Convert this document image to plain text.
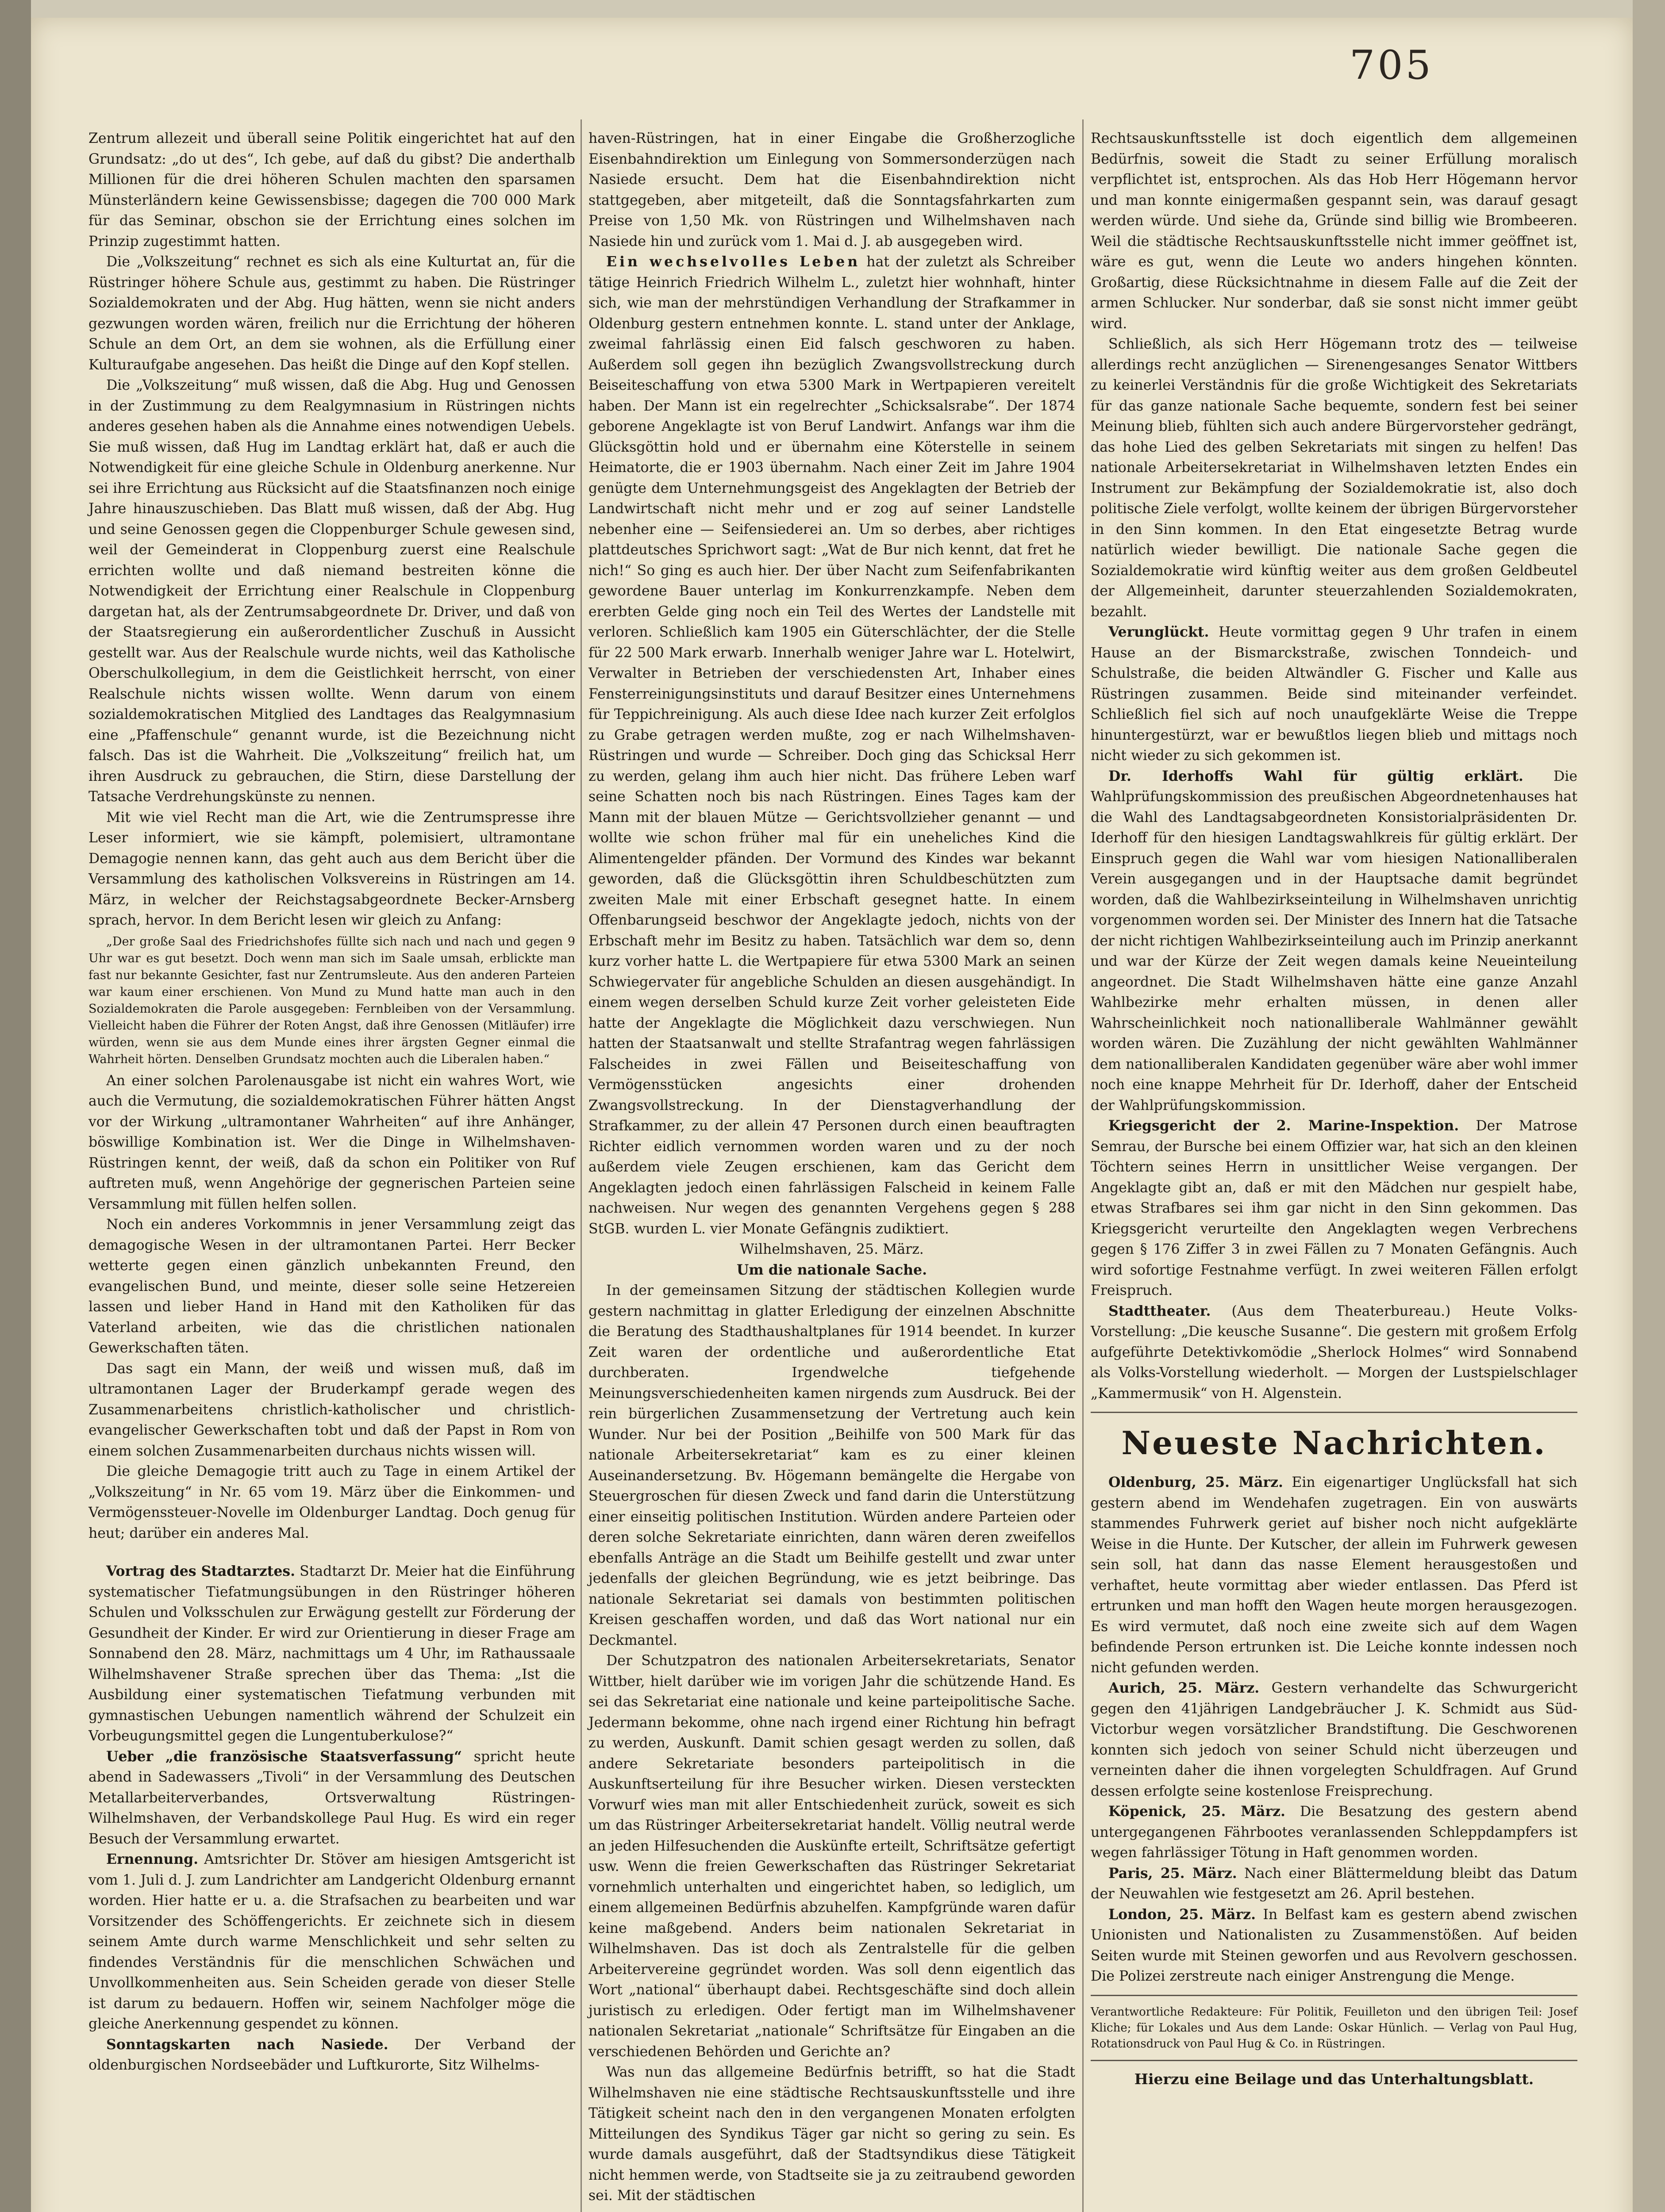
705

Zentrum allezeit und überall seine Politik eingerichtet hat auf den Grundsatz: „do ut des“, Ich gebe, auf daß du gibst? Die anderthalb Millionen für die drei höheren Schulen machten den sparsamen Münsterländern keine Gewissensbisse; dagegen die 700 000 Mark für das Seminar, obschon sie der Errichtung eines solchen im Prinzip zugestimmt hatten.

Die „Volkszeitung“ rechnet es sich als eine Kulturtat an, für die Rüstringer höhere Schule aus, gestimmt zu haben. Die Rüstringer Sozialdemokraten und der Abg. Hug hätten, wenn sie nicht anders gezwungen worden wären, freilich nur die Errichtung der höheren Schule an dem Ort, an dem sie wohnen, als die Erfüllung einer Kulturaufgabe angesehen. Das heißt die Dinge auf den Kopf stellen.

Die „Volkszeitung“ muß wissen, daß die Abg. Hug und Genossen in der Zustimmung zu dem Realgymnasium in Rüstringen nichts anderes gesehen haben als die Annahme eines notwendigen Uebels. Sie muß wissen, daß Hug im Landtag erklärt hat, daß er auch die Notwendigkeit für eine gleiche Schule in Oldenburg anerkenne. Nur sei ihre Errichtung aus Rücksicht auf die Staatsfinanzen noch einige Jahre hinauszuschieben. Das Blatt muß wissen, daß der Abg. Hug und seine Genossen gegen die Cloppenburger Schule gewesen sind, weil der Gemeinderat in Cloppenburg zuerst eine Realschule errichten wollte und daß niemand bestreiten könne die Notwendigkeit der Errichtung einer Realschule in Cloppenburg dargetan hat, als der Zentrumsabgeordnete Dr. Driver, und daß von der Staatsregierung ein außerordentlicher Zuschuß in Aussicht gestellt war. Aus der Realschule wurde nichts, weil das Katholische Oberschulkollegium, in dem die Geistlichkeit herrscht, von einer Realschule nichts wissen wollte. Wenn darum von einem sozialdemokratischen Mitglied des Landtages das Realgymnasium eine „Pfaffenschule“ genannt wurde, ist die Bezeichnung nicht falsch. Das ist die Wahrheit. Die „Volkszeitung“ freilich hat, um ihren Ausdruck zu gebrauchen, die Stirn, diese Darstellung der Tatsache Verdrehungskünste zu nennen.

Mit wie viel Recht man die Art, wie die Zentrumspresse ihre Leser informiert, wie sie kämpft, polemisiert, ultramontane Demagogie nennen kann, das geht auch aus dem Bericht über die Versammlung des katholischen Volksvereins in Rüstringen am 14. März, in welcher der Reichstagsabgeordnete Becker-Arnsberg sprach, hervor. In dem Bericht lesen wir gleich zu Anfang:

„Der große Saal des Friedrichshofes füllte sich nach und nach und gegen 9 Uhr war es gut besetzt. Doch wenn man sich im Saale umsah, erblickte man fast nur bekannte Gesichter, fast nur Zentrumsleute. Aus den anderen Parteien war kaum einer erschienen. Von Mund zu Mund hatte man auch in den Sozialdemokraten die Parole ausgegeben: Fernbleiben von der Versammlung. Vielleicht haben die Führer der Roten Angst, daß ihre Genossen (Mitläufer) irre würden, wenn sie aus dem Munde eines ihrer ärgsten Gegner einmal die Wahrheit hörten. Denselben Grundsatz mochten auch die Liberalen haben.“

An einer solchen Parolenausgabe ist nicht ein wahres Wort, wie auch die Vermutung, die sozialdemokratischen Führer hätten Angst vor der Wirkung „ultramontaner Wahrheiten“ auf ihre Anhänger, böswillige Kombination ist. Wer die Dinge in Wilhelmshaven-Rüstringen kennt, der weiß, daß da schon ein Politiker von Ruf auftreten muß, wenn Angehörige der gegnerischen Parteien seine Versammlung mit füllen helfen sollen.

Noch ein anderes Vorkommnis in jener Versammlung zeigt das demagogische Wesen in der ultramontanen Partei. Herr Becker wetterte gegen einen gänzlich unbekannten Freund, den evangelischen Bund, und meinte, dieser solle seine Hetzereien lassen und lieber Hand in Hand mit den Katholiken für das Vaterland arbeiten, wie das die christlichen nationalen Gewerkschaften täten.

Das sagt ein Mann, der weiß und wissen muß, daß im ultramontanen Lager der Bruderkampf gerade wegen des Zusammenarbeitens christlich-katholischer und christlich-evangelischer Gewerkschaften tobt und daß der Papst in Rom von einem solchen Zusammenarbeiten durchaus nichts wissen will.

Die gleiche Demagogie tritt auch zu Tage in einem Artikel der „Volkszeitung“ in Nr. 65 vom 19. März über die Einkommen- und Vermögenssteuer-Novelle im Oldenburger Landtag. Doch genug für heut; darüber ein anderes Mal.

Vortrag des Stadtarztes. Stadtarzt Dr. Meier hat die Einführung systematischer Tiefatmungsübungen in den Rüstringer höheren Schulen und Volksschulen zur Erwägung gestellt zur Förderung der Gesundheit der Kinder. Er wird zur Orientierung in dieser Frage am Sonnabend den 28. März, nachmittags um 4 Uhr, im Rathaussaale Wilhelmshavener Straße sprechen über das Thema: „Ist die Ausbildung einer systematischen Tiefatmung verbunden mit gymnastischen Uebungen namentlich während der Schulzeit ein Vorbeugungsmittel gegen die Lungentuberkulose?“

Ueber „die französische Staatsverfassung“ spricht heute abend in Sadewassers „Tivoli“ in der Versammlung des Deutschen Metallarbeiterverbandes, Ortsverwaltung Rüstringen-Wilhelmshaven, der Verbandskollege Paul Hug. Es wird ein reger Besuch der Versammlung erwartet.

Ernennung. Amtsrichter Dr. Stöver am hiesigen Amtsgericht ist vom 1. Juli d. J. zum Landrichter am Landgericht Oldenburg ernannt worden. Hier hatte er u. a. die Strafsachen zu bearbeiten und war Vorsitzender des Schöffengerichts. Er zeichnete sich in diesem seinem Amte durch warme Menschlichkeit und sehr selten zu findendes Verständnis für die menschlichen Schwächen und Unvollkommenheiten aus. Sein Scheiden gerade von dieser Stelle ist darum zu bedauern. Hoffen wir, seinem Nachfolger möge die gleiche Anerkennung gespendet zu können.

Sonntagskarten nach Nasiede. Der Verband der oldenburgischen Nordseebäder und Luftkurorte, Sitz Wilhelms-

haven-Rüstringen, hat in einer Eingabe die Großherzogliche Eisenbahndirektion um Einlegung von Sommersonderzügen nach Nasiede ersucht. Dem hat die Eisenbahndirektion nicht stattgegeben, aber mitgeteilt, daß die Sonntagsfahrkarten zum Preise von 1,50 Mk. von Rüstringen und Wilhelmshaven nach Nasiede hin und zurück vom 1. Mai d. J. ab ausgegeben wird.

Ein wechselvolles Leben hat der zuletzt als Schreiber tätige Heinrich Friedrich Wilhelm L., zuletzt hier wohnhaft, hinter sich, wie man der mehrstündigen Verhandlung der Strafkammer in Oldenburg gestern entnehmen konnte. L. stand unter der Anklage, zweimal fahrlässig einen Eid falsch geschworen zu haben. Außerdem soll gegen ihn bezüglich Zwangsvollstreckung durch Beiseiteschaffung von etwa 5300 Mark in Wertpapieren vereitelt haben. Der Mann ist ein regelrechter „Schicksalsrabe“. Der 1874 geborene Angeklagte ist von Beruf Landwirt. Anfangs war ihm die Glücksgöttin hold und er übernahm eine Köterstelle in seinem Heimatorte, die er 1903 übernahm. Nach einer Zeit im Jahre 1904 genügte dem Unternehmungsgeist des Angeklagten der Betrieb der Landwirtschaft nicht mehr und er zog auf seiner Landstelle nebenher eine — Seifensiederei an. Um so derbes, aber richtiges plattdeutsches Sprichwort sagt: „Wat de Bur nich kennt, dat fret he nich!“ So ging es auch hier. Der über Nacht zum Seifenfabrikanten gewordene Bauer unterlag im Konkurrenzkampfe. Neben dem ererbten Gelde ging noch ein Teil des Wertes der Landstelle mit verloren. Schließlich kam 1905 ein Güterschlächter, der die Stelle für 22 500 Mark erwarb. Innerhalb weniger Jahre war L. Hotelwirt, Verwalter in Betrieben der verschiedensten Art, Inhaber eines Fensterreinigungsinstituts und darauf Besitzer eines Unternehmens für Teppichreinigung. Als auch diese Idee nach kurzer Zeit erfolglos zu Grabe getragen werden mußte, zog er nach Wilhelmshaven-Rüstringen und wurde — Schreiber. Doch ging das Schicksal Herr zu werden, gelang ihm auch hier nicht. Das frühere Leben warf seine Schatten noch bis nach Rüstringen. Eines Tages kam der Mann mit der blauen Mütze — Gerichtsvollzieher genannt — und wollte wie schon früher mal für ein uneheliches Kind die Alimentengelder pfänden. Der Vormund des Kindes war bekannt geworden, daß die Glücksgöttin ihren Schuldbeschützten zum zweiten Male mit einer Erbschaft gesegnet hatte. In einem Offenbarungseid beschwor der Angeklagte jedoch, nichts von der Erbschaft mehr im Besitz zu haben. Tatsächlich war dem so, denn kurz vorher hatte L. die Wertpapiere für etwa 5300 Mark an seinen Schwiegervater für angebliche Schulden an diesen ausgehändigt. In einem wegen derselben Schuld kurze Zeit vorher geleisteten Eide hatte der Angeklagte die Möglichkeit dazu verschwiegen. Nun hatten der Staatsanwalt und stellte Strafantrag wegen fahrlässigen Falscheides in zwei Fällen und Beiseiteschaffung von Vermögensstücken angesichts einer drohenden Zwangsvollstreckung. In der Dienstagverhandlung der Strafkammer, zu der allein 47 Personen durch einen beauftragten Richter eidlich vernommen worden waren und zu der noch außerdem viele Zeugen erschienen, kam das Gericht dem Angeklagten jedoch einen fahrlässigen Falscheid in keinem Falle nachweisen. Nur wegen des genannten Vergehens gegen § 288 StGB. wurden L. vier Monate Gefängnis zudiktiert.

Wilhelmshaven, 25. März.

Um die nationale Sache.

In der gemeinsamen Sitzung der städtischen Kollegien wurde gestern nachmittag in glatter Erledigung der einzelnen Abschnitte die Beratung des Stadthaushaltplanes für 1914 beendet. In kurzer Zeit waren der ordentliche und außerordentliche Etat durchberaten. Irgendwelche tiefgehende Meinungsverschiedenheiten kamen nirgends zum Ausdruck. Bei der rein bürgerlichen Zusammensetzung der Vertretung auch kein Wunder. Nur bei der Position „Beihilfe von 500 Mark für das nationale Arbeitersekretariat“ kam es zu einer kleinen Auseinandersetzung. Bv. Högemann bemängelte die Hergabe von Steuergroschen für diesen Zweck und fand darin die Unterstützung einer einseitig politischen Institution. Würden andere Parteien oder deren solche Sekretariate einrichten, dann wären deren zweifellos ebenfalls Anträge an die Stadt um Beihilfe gestellt und zwar unter jedenfalls der gleichen Begründung, wie es jetzt beibringe. Das nationale Sekretariat sei damals von bestimmten politischen Kreisen geschaffen worden, und daß das Wort national nur ein Deckmantel.

Der Schutzpatron des nationalen Arbeitersekretariats, Senator Wittber, hielt darüber wie im vorigen Jahr die schützende Hand. Es sei das Sekretariat eine nationale und keine parteipolitische Sache. Jedermann bekomme, ohne nach irgend einer Richtung hin befragt zu werden, Auskunft. Damit schien gesagt werden zu sollen, daß andere Sekretariate besonders parteipolitisch in die Auskunftserteilung für ihre Besucher wirken. Diesen versteckten Vorwurf wies man mit aller Entschiedenheit zurück, soweit es sich um das Rüstringer Arbeitersekretariat handelt. Völlig neutral werde an jeden Hilfesuchenden die Auskünfte erteilt, Schriftsätze gefertigt usw. Wenn die freien Gewerkschaften das Rüstringer Sekretariat vornehmlich unterhalten und eingerichtet haben, so lediglich, um einem allgemeinen Bedürfnis abzuhelfen. Kampfgründe waren dafür keine maßgebend. Anders beim nationalen Sekretariat in Wilhelmshaven. Das ist doch als Zentralstelle für die gelben Arbeitervereine gegründet worden. Was soll denn eigentlich das Wort „national“ überhaupt dabei. Rechtsgeschäfte sind doch allein juristisch zu erledigen. Oder fertigt man im Wilhelmshavener nationalen Sekretariat „nationale“ Schriftsätze für Eingaben an die verschiedenen Behörden und Gerichte an?

Was nun das allgemeine Bedürfnis betrifft, so hat die Stadt Wilhelmshaven nie eine städtische Rechtsauskunftsstelle und ihre Tätigkeit scheint nach den in den vergangenen Monaten erfolgten Mitteilungen des Syndikus Täger gar nicht so gering zu sein. Es wurde damals ausgeführt, daß der Stadtsyndikus diese Tätigkeit nicht hemmen werde, von Stadtseite sie ja zu zeitraubend geworden sei. Mit der städtischen

Rechtsauskunftsstelle ist doch eigentlich dem allgemeinen Bedürfnis, soweit die Stadt zu seiner Erfüllung moralisch verpflichtet ist, entsprochen. Als das Hob Herr Högemann hervor und man konnte einigermaßen gespannt sein, was darauf gesagt werden würde. Und siehe da, Gründe sind billig wie Brombeeren. Weil die städtische Rechtsauskunftsstelle nicht immer geöffnet ist, wäre es gut, wenn die Leute wo anders hingehen könnten. Großartig, diese Rücksichtnahme in diesem Falle auf die Zeit der armen Schlucker. Nur sonderbar, daß sie sonst nicht immer geübt wird.

Schließlich, als sich Herr Högemann trotz des — teilweise allerdings recht anzüglichen — Sirenengesanges Senator Wittbers zu keinerlei Verständnis für die große Wichtigkeit des Sekretariats für das ganze nationale Sache bequemte, sondern fest bei seiner Meinung blieb, fühlten sich auch andere Bürgervorsteher gedrängt, das hohe Lied des gelben Sekretariats mit singen zu helfen! Das nationale Arbeitersekretariat in Wilhelmshaven letzten Endes ein Instrument zur Bekämpfung der Sozialdemokratie ist, also doch politische Ziele verfolgt, wollte keinem der übrigen Bürgervorsteher in den Sinn kommen. In den Etat eingesetzte Betrag wurde natürlich wieder bewilligt. Die nationale Sache gegen die Sozialdemokratie wird künftig weiter aus dem großen Geldbeutel der Allgemeinheit, darunter steuerzahlenden Sozialdemokraten, bezahlt.

Verunglückt. Heute vormittag gegen 9 Uhr trafen in einem Hause an der Bismarckstraße, zwischen Tonndeich- und Schulstraße, die beiden Altwändler G. Fischer und Kalle aus Rüstringen zusammen. Beide sind miteinander verfeindet. Schließlich fiel sich auf noch unaufgeklärte Weise die Treppe hinuntergestürzt, war er bewußtlos liegen blieb und mittags noch nicht wieder zu sich gekommen ist.

Dr. Iderhoffs Wahl für gültig erklärt. Die Wahlprüfungskommission des preußischen Abgeordnetenhauses hat die Wahl des Landtagsabgeordneten Konsistorialpräsidenten Dr. Iderhoff für den hiesigen Landtagswahlkreis für gültig erklärt. Der Einspruch gegen die Wahl war vom hiesigen Nationalliberalen Verein ausgegangen und in der Hauptsache damit begründet worden, daß die Wahlbezirkseinteilung in Wilhelmshaven unrichtig vorgenommen worden sei. Der Minister des Innern hat die Tatsache der nicht richtigen Wahlbezirkseinteilung auch im Prinzip anerkannt und war der Kürze der Zeit wegen damals keine Neueinteilung angeordnet. Die Stadt Wilhelmshaven hätte eine ganze Anzahl Wahlbezirke mehr erhalten müssen, in denen aller Wahrscheinlichkeit noch nationalliberale Wahlmänner gewählt worden wären. Die Zuzählung der nicht gewählten Wahlmänner dem nationalliberalen Kandidaten gegenüber wäre aber wohl immer noch eine knappe Mehrheit für Dr. Iderhoff, daher der Entscheid der Wahlprüfungskommission.

Kriegsgericht der 2. Marine-Inspektion. Der Matrose Semrau, der Bursche bei einem Offizier war, hat sich an den kleinen Töchtern seines Herrn in unsittlicher Weise vergangen. Der Angeklagte gibt an, daß er mit den Mädchen nur gespielt habe, etwas Strafbares sei ihm gar nicht in den Sinn gekommen. Das Kriegsgericht verurteilte den Angeklagten wegen Verbrechens gegen § 176 Ziffer 3 in zwei Fällen zu 7 Monaten Gefängnis. Auch wird sofortige Festnahme verfügt. In zwei weiteren Fällen erfolgt Freispruch.

Stadttheater. (Aus dem Theaterbureau.) Heute Volks-Vorstellung: „Die keusche Susanne“. Die gestern mit großem Erfolg aufgeführte Detektivkomödie „Sherlock Holmes“ wird Sonnabend als Volks-Vorstellung wiederholt. — Morgen der Lustspielschlager „Kammermusik“ von H. Algenstein.

Neueste Nachrichten.

Oldenburg, 25. März. Ein eigenartiger Unglücksfall hat sich gestern abend im Wendehafen zugetragen. Ein von auswärts stammendes Fuhrwerk geriet auf bisher noch nicht aufgeklärte Weise in die Hunte. Der Kutscher, der allein im Fuhrwerk gewesen sein soll, hat dann das nasse Element herausgestoßen und verhaftet, heute vormittag aber wieder entlassen. Das Pferd ist ertrunken und man hofft den Wagen heute morgen herausgezogen. Es wird vermutet, daß noch eine zweite sich auf dem Wagen befindende Person ertrunken ist. Die Leiche konnte indessen noch nicht gefunden werden.

Aurich, 25. März. Gestern verhandelte das Schwurgericht gegen den 41jährigen Landgebräucher J. K. Schmidt aus Süd-Victorbur wegen vorsätzlicher Brandstiftung. Die Geschworenen konnten sich jedoch von seiner Schuld nicht überzeugen und verneinten daher die ihnen vorgelegten Schuldfragen. Auf Grund dessen erfolgte seine kostenlose Freisprechung.

Köpenick, 25. März. Die Besatzung des gestern abend untergegangenen Fährbootes veranlassenden Schleppdampfers ist wegen fahrlässiger Tötung in Haft genommen worden.

Paris, 25. März. Nach einer Blättermeldung bleibt das Datum der Neuwahlen wie festgesetzt am 26. April bestehen.

London, 25. März. In Belfast kam es gestern abend zwischen Unionisten und Nationalisten zu Zusammenstößen. Auf beiden Seiten wurde mit Steinen geworfen und aus Revolvern geschossen. Die Polizei zerstreute nach einiger Anstrengung die Menge.

Verantwortliche Redakteure: Für Politik, Feuilleton und den übrigen Teil: Josef Kliche; für Lokales und Aus dem Lande: Oskar Hünlich. — Verlag von Paul Hug, Rotationsdruck von Paul Hug & Co. in Rüstringen.

Hierzu eine Beilage und das Unterhaltungsblatt.
